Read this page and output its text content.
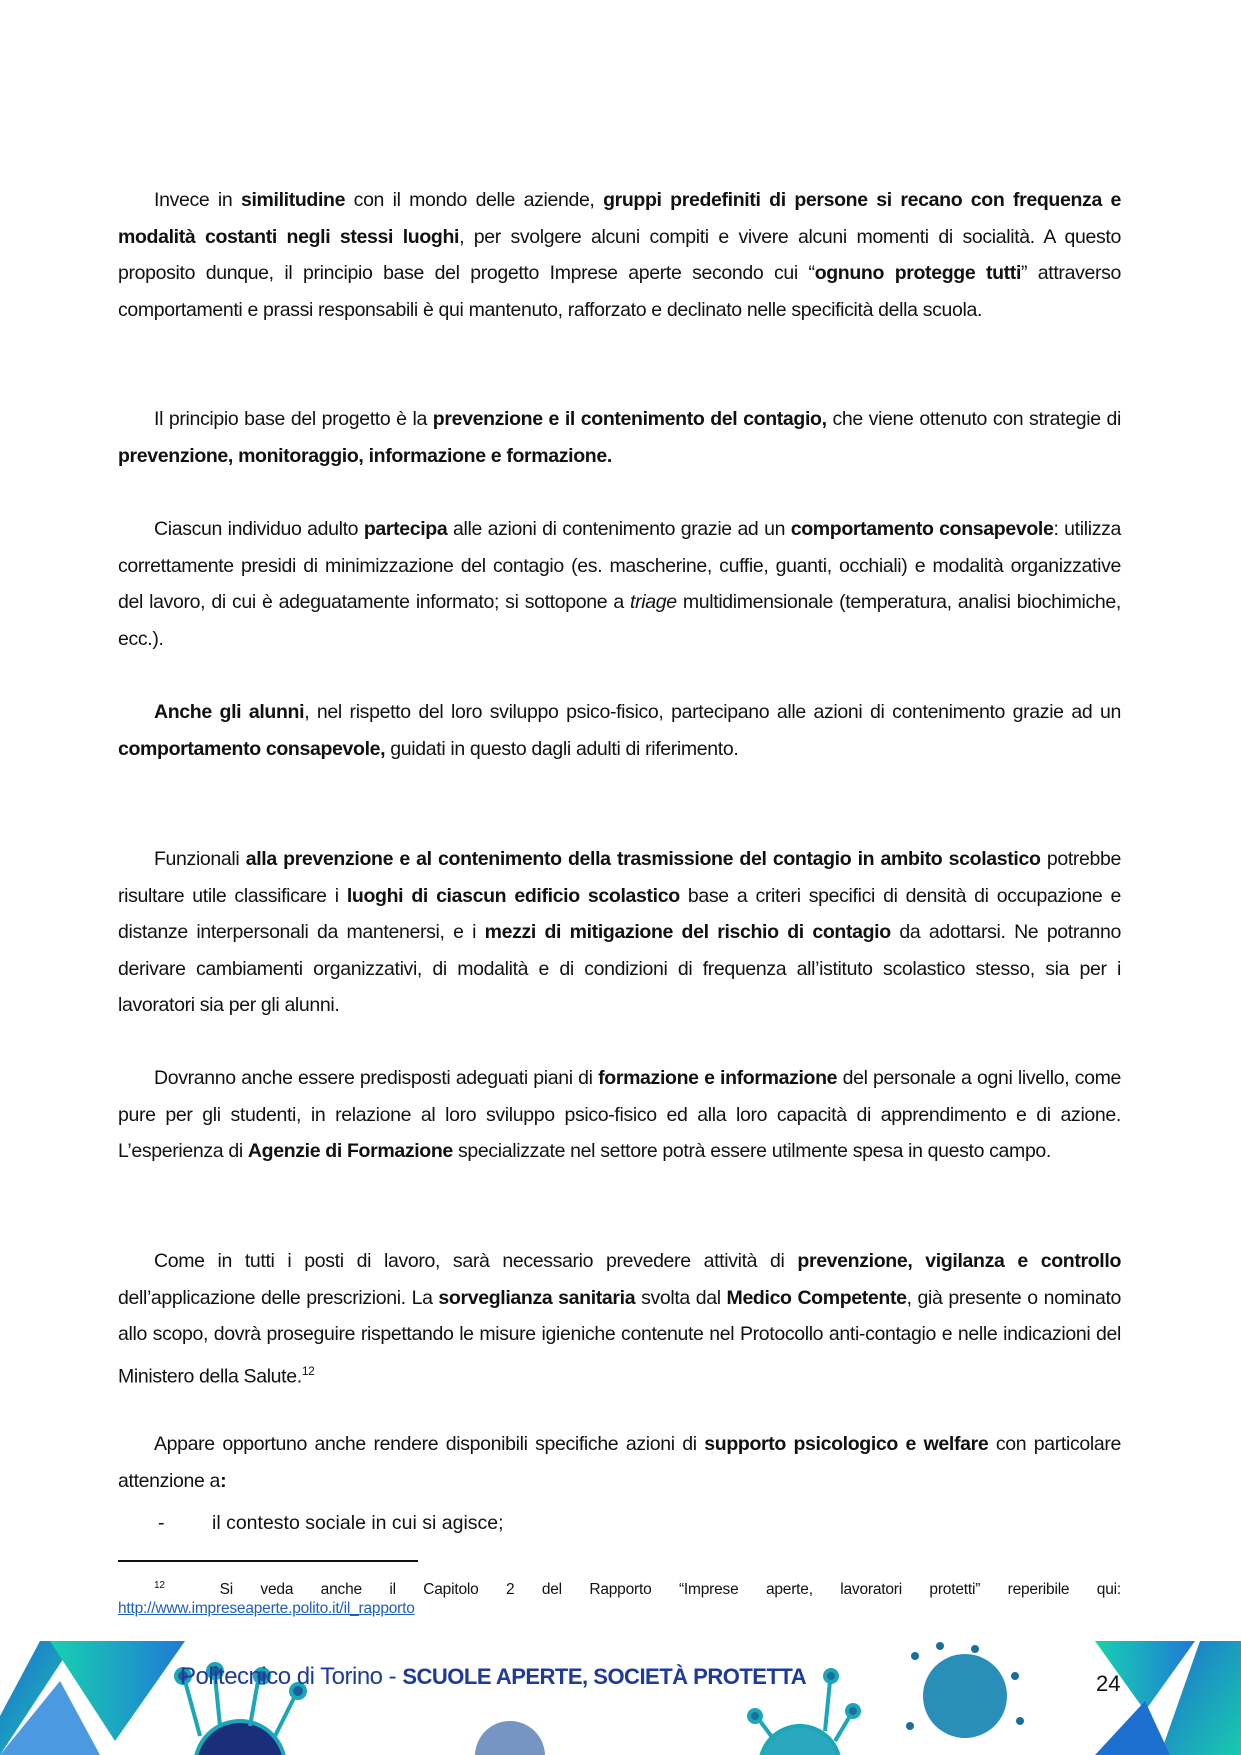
Invece in similitudine con il mondo delle aziende, gruppi predefiniti di persone si recano con frequenza e modalità costanti negli stessi luoghi, per svolgere alcuni compiti e vivere alcuni momenti di socialità. A questo proposito dunque, il principio base del progetto Imprese aperte secondo cui “ognuno protegge tutti” attraverso comportamenti e prassi responsabili è qui mantenuto, rafforzato e declinato nelle specificità della scuola.

Il principio base del progetto è la prevenzione e il contenimento del contagio, che viene ottenuto con strategie di prevenzione, monitoraggio, informazione e formazione.

Ciascun individuo adulto partecipa alle azioni di contenimento grazie ad un comportamento consapevole: utilizza correttamente presidi di minimizzazione del contagio (es. mascherine, cuffie, guanti, occhiali) e modalità organizzative del lavoro, di cui è adeguatamente informato; si sottopone a triage multidimensionale (temperatura, analisi biochimiche, ecc.).

Anche gli alunni, nel rispetto del loro sviluppo psico-fisico, partecipano alle azioni di contenimento grazie ad un comportamento consapevole, guidati in questo dagli adulti di riferimento.

Funzionali alla prevenzione e al contenimento della trasmissione del contagio in ambito scolastico potrebbe risultare utile classificare i luoghi di ciascun edificio scolastico base a criteri specifici di densità di occupazione e distanze interpersonali da mantenersi, e i mezzi di mitigazione del rischio di contagio da adottarsi. Ne potranno derivare cambiamenti organizzativi, di modalità e di condizioni di frequenza all’istituto scolastico stesso, sia per i lavoratori sia per gli alunni.

Dovranno anche essere predisposti adeguati piani di formazione e informazione del personale a ogni livello, come pure per gli studenti, in relazione al loro sviluppo psico-fisico ed alla loro capacità di apprendimento e di azione. L’esperienza di Agenzie di Formazione specializzate nel settore potrà essere utilmente spesa in questo campo.

Come in tutti i posti di lavoro, sarà necessario prevedere attività di prevenzione, vigilanza e controllo dell’applicazione delle prescrizioni. La sorveglianza sanitaria svolta dal Medico Competente, già presente o nominato allo scopo, dovrà proseguire rispettando le misure igieniche contenute nel Protocollo anti-contagio e nelle indicazioni del Ministero della Salute.$^{12}$

Appare opportuno anche rendere disponibili specifiche azioni di supporto psicologico e welfare con particolare attenzione a:

- il contesto sociale in cui si agisce;
$^{12}$	Si veda anche il Capitolo 2 del Rapporto “Imprese aperte, lavoratori protetti” reperibile qui:
http://www.impreseaperte.polito.it/il_rapporto
Politecnico di Torino - SCUOLE APERTE, SOCIETÀ PROTETTA	24
